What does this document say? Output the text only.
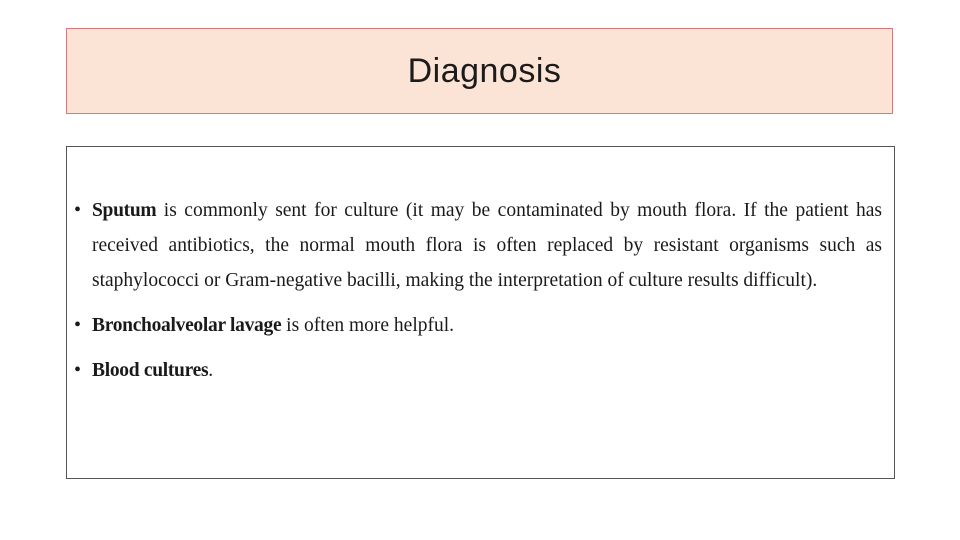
Diagnosis
• Sputum is commonly sent for culture (it may be contaminated by mouth flora. If the patient has received antibiotics, the normal mouth flora is often replaced by resistant organisms such as staphylococci or Gram-negative bacilli, making the interpretation of culture results difficult).
• Bronchoalveolar lavage is often more helpful.
• Blood cultures.
